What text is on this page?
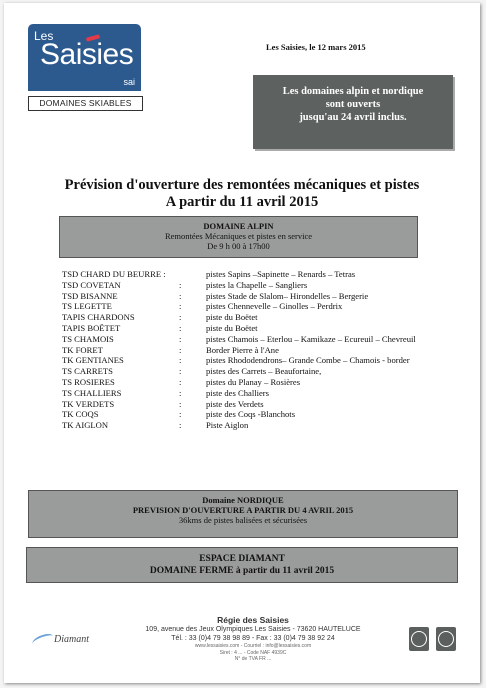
Les
Saisies
sai
DOMAINES SKIABLES
Les Saisies, le 12 mars 2015
Les domaines alpin et nordique
sont ouverts
jusqu'au 24 avril inclus.
Prévision d'ouverture des remontées mécaniques et pistes
A partir du 11 avril 2015
DOMAINE ALPIN
Remontées Mécaniques et pistes en service
De 9 h 00 à 17h00
TSD CHARD DU BEURRE :	pistes Sapins –Sapinette – Renards – Tetras
TSD COVETAN	:	pistes la Chapelle – Sangliers
TSD BISANNE	:	pistes Stade de Slalom– Hirondelles – Bergerie
TS LEGETTE	:	pistes Chennevelle – Ginolles – Perdrix
TAPIS CHARDONS	:	piste du Boëtet
TAPIS BOËTET	:	piste du Boëtet
TS CHAMOIS	:	pistes Chamois – Eterlou – Kamikaze – Ecureuil – Chevreuil
TK FORET	:	Border Pierre à l'Ane
TK GENTIANES	:	pistes Rhododendrons– Grande Combe – Chamois - border
TS CARRETS	:	pistes des Carrets – Beaufortaine,
TS ROSIERES	:	pistes du Planay – Rosières
TS CHALLIERS	:	piste des Challiers
TK VERDETS	:	piste des Verdets
TK COQS	:	piste des Coqs -Blanchots
TK AIGLON	:	Piste Aiglon
Domaine NORDIQUE
PREVISION D'OUVERTURE A PARTIR DU 4 AVRIL 2015
36kms de pistes balisées et sécurisées
ESPACE DIAMANT
DOMAINE FERME à partir du 11 avril 2015
Diamant
Régie des Saisies
109, avenue des Jeux Olympiques Les Saisies - 73620 HAUTELUCE
Tél. : 33 (0)4 79 38 98 89 - Fax : 33 (0)4 79 38 92 24
www.lessaisies.com - Courriel : info@lessaisies.com
Siret : 4 ... - Code NAF 4939C
N° de TVA FR ...
